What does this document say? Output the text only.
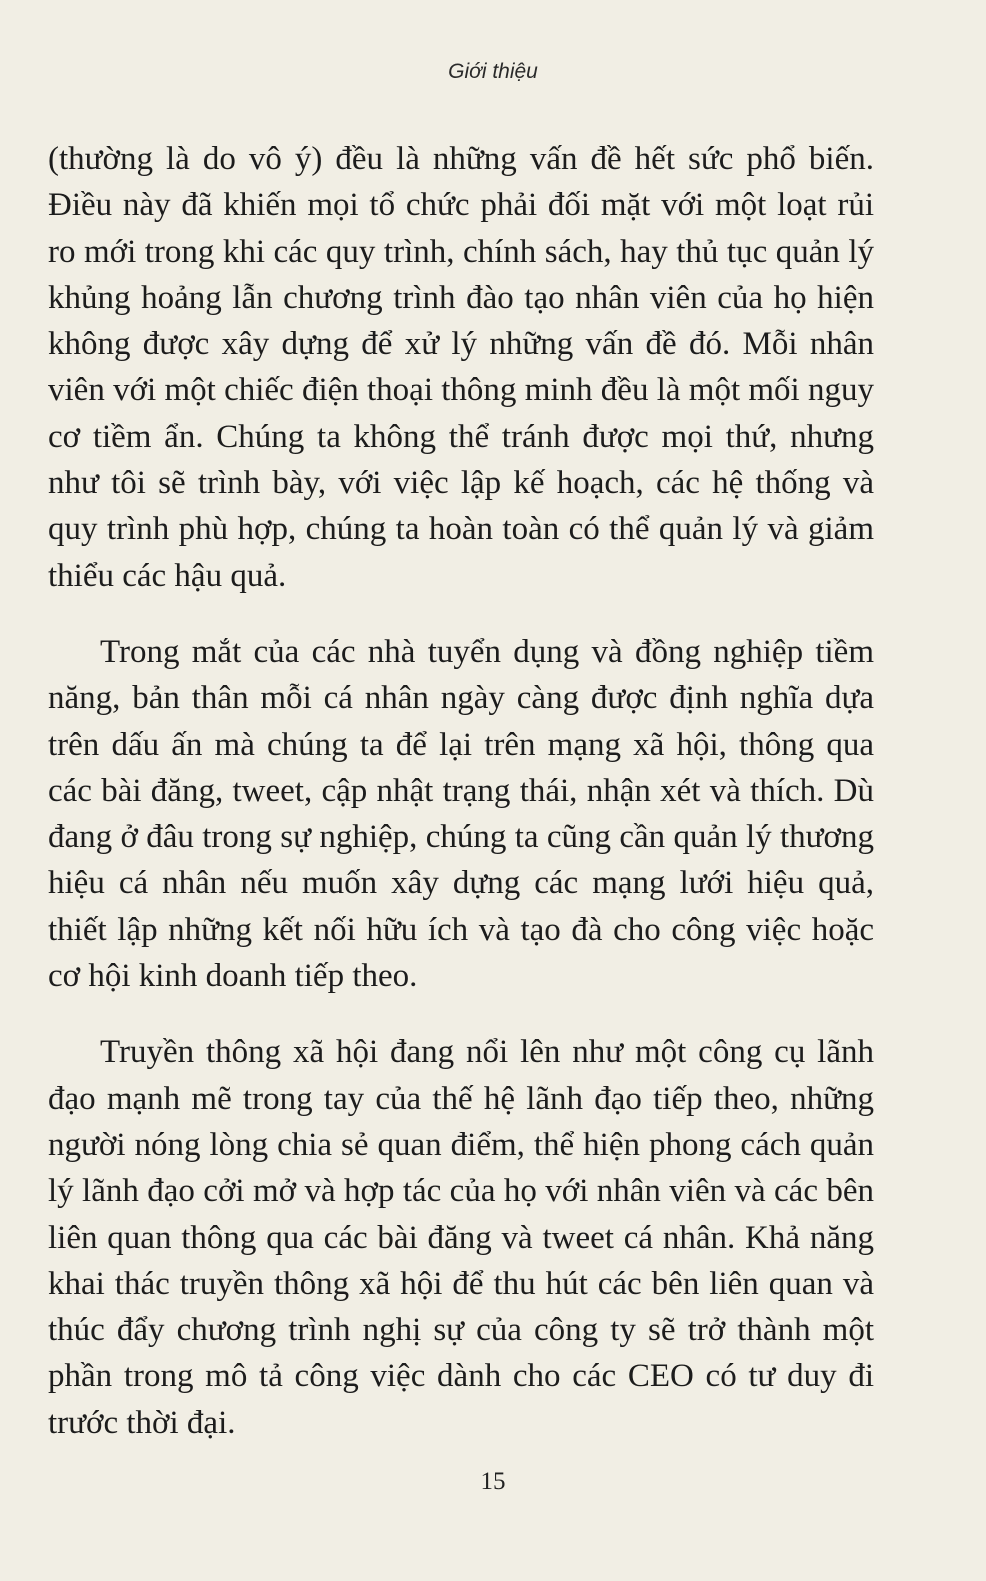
Giới thiệu

(thường là do vô ý) đều là những vấn đề hết sức phổ biến. Điều này đã khiến mọi tổ chức phải đối mặt với một loạt rủi ro mới trong khi các quy trình, chính sách, hay thủ tục quản lý khủng hoảng lẫn chương trình đào tạo nhân viên của họ hiện không được xây dựng để xử lý những vấn đề đó. Mỗi nhân viên với một chiếc điện thoại thông minh đều là một mối nguy cơ tiềm ẩn. Chúng ta không thể tránh được mọi thứ, nhưng như tôi sẽ trình bày, với việc lập kế hoạch, các hệ thống và quy trình phù hợp, chúng ta hoàn toàn có thể quản lý và giảm thiểu các hậu quả.

Trong mắt của các nhà tuyển dụng và đồng nghiệp tiềm năng, bản thân mỗi cá nhân ngày càng được định nghĩa dựa trên dấu ấn mà chúng ta để lại trên mạng xã hội, thông qua các bài đăng, tweet, cập nhật trạng thái, nhận xét và thích. Dù đang ở đâu trong sự nghiệp, chúng ta cũng cần quản lý thương hiệu cá nhân nếu muốn xây dựng các mạng lưới hiệu quả, thiết lập những kết nối hữu ích và tạo đà cho công việc hoặc cơ hội kinh doanh tiếp theo.

Truyền thông xã hội đang nổi lên như một công cụ lãnh đạo mạnh mẽ trong tay của thế hệ lãnh đạo tiếp theo, những người nóng lòng chia sẻ quan điểm, thể hiện phong cách quản lý lãnh đạo cởi mở và hợp tác của họ với nhân viên và các bên liên quan thông qua các bài đăng và tweet cá nhân. Khả năng khai thác truyền thông xã hội để thu hút các bên liên quan và thúc đẩy chương trình nghị sự của công ty sẽ trở thành một phần trong mô tả công việc dành cho các CEO có tư duy đi trước thời đại.

15
